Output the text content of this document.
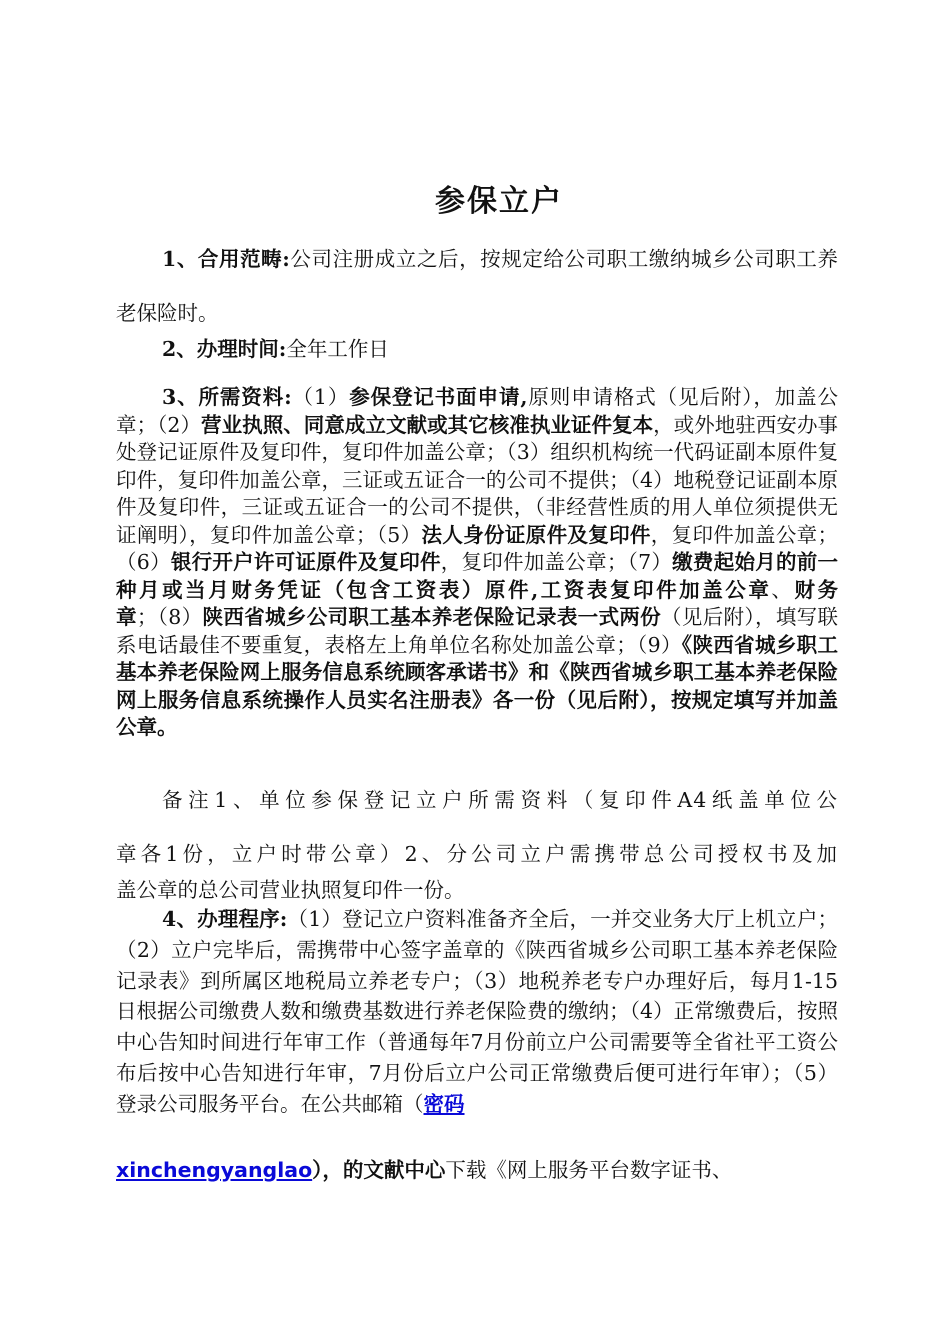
参保立户

1、合用范畴:公司注册成立之后，按规定给公司职工缴纳城乡公司职工养老保险时。

2、办理时间:全年工作日

3、所需资料:（1）参保登记书面申请,原则申请格式（见后附），加盖公章；（2）营业执照、同意成立文献或其它核准执业证件复本，或外地驻西安办事处登记证原件及复印件，复印件加盖公章；（3）组织机构统一代码证副本原件复印件，复印件加盖公章，三证或五证合一的公司不提供；（4）地税登记证副本原件及复印件，三证或五证合一的公司不提供，（非经营性质的用人单位须提供无证阐明），复印件加盖公章；（5）法人身份证原件及复印件，复印件加盖公章；（6）银行开户许可证原件及复印件，复印件加盖公章；（7）缴费起始月的前一种月或当月财务凭证（包含工资表）原件,工资表复印件加盖公章、财务章；（8）陕西省城乡公司职工基本养老保险记录表一式两份（见后附），填写联系电话最佳不要重复，表格左上角单位名称处加盖公章；（9）《陕西省城乡职工基本养老保险网上服务信息系统顾客承诺书》和《陕西省城乡职工基本养老保险网上服务信息系统操作人员实名注册表》各一份（见后附），按规定填写并加盖公章。

备注1、单位参保登记立户所需资料（复印件A4纸盖单位公
章各1份，立户时带公章）2、分公司立户需携带总公司授权书及加
盖公章的总公司营业执照复印件一份。

4、办理程序:（1）登记立户资料准备齐全后，一并交业务大厅上机立户；（2）立户完毕后，需携带中心签字盖章的《陕西省城乡公司职工基本养老保险记录表》到所属区地税局立养老专户；（3）地税养老专户办理好后，每月1-15日根据公司缴费人数和缴费基数进行养老保险费的缴纳；（4）正常缴费后，按照中心告知时间进行年审工作（普通每年7月份前立户公司需要等全省社平工资公布后按中心告知进行年审，7月份后立户公司正常缴费后便可进行年审）；（5）登录公司服务平台。在公共邮箱（密码

xinchengyanglao），的文献中心下载《网上服务平台数字证书、
